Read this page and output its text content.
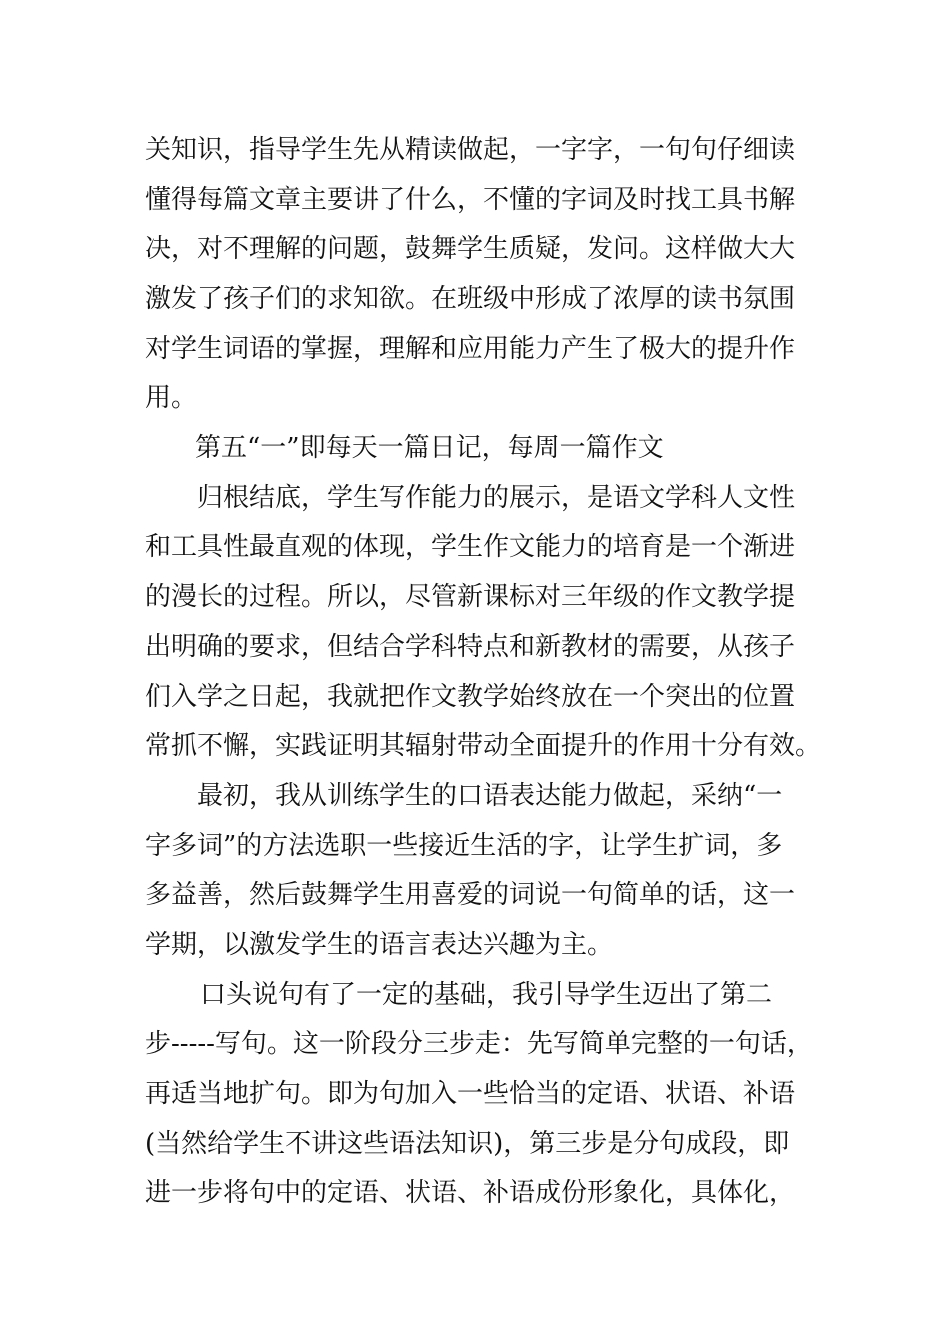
关知识，指导学生先从精读做起，一字字，一句句仔细读
懂得每篇文章主要讲了什么，不懂的字词及时找工具书解
决，对不理解的问题，鼓舞学生质疑，发问。这样做大大
激发了孩子们的求知欲。在班级中形成了浓厚的读书氛围
对学生词语的掌握，理解和应用能力产生了极大的提升作
用。
第五“一”即每天一篇日记，每周一篇作文
归根结底，学生写作能力的展示，是语文学科人文性
和工具性最直观的体现，学生作文能力的培育是一个渐进
的漫长的过程。所以，尽管新课标对三年级的作文教学提
出明确的要求，但结合学科特点和新教材的需要，从孩子
们入学之日起，我就把作文教学始终放在一个突出的位置
常抓不懈，实践证明其辐射带动全面提升的作用十分有效。
最初，我从训练学生的口语表达能力做起，采纳“一
字多词”的方法选职一些接近生活的字，让学生扩词，多
多益善，然后鼓舞学生用喜爱的词说一句简单的话，这一
学期，以激发学生的语言表达兴趣为主。
口头说句有了一定的基础，我引导学生迈出了第二
步-----写句。这一阶段分三步走：先写简单完整的一句话，
再适当地扩句。即为句加入一些恰当的定语、状语、补语
(当然给学生不讲这些语法知识)，第三步是分句成段，即
进一步将句中的定语、状语、补语成份形象化，具体化，
